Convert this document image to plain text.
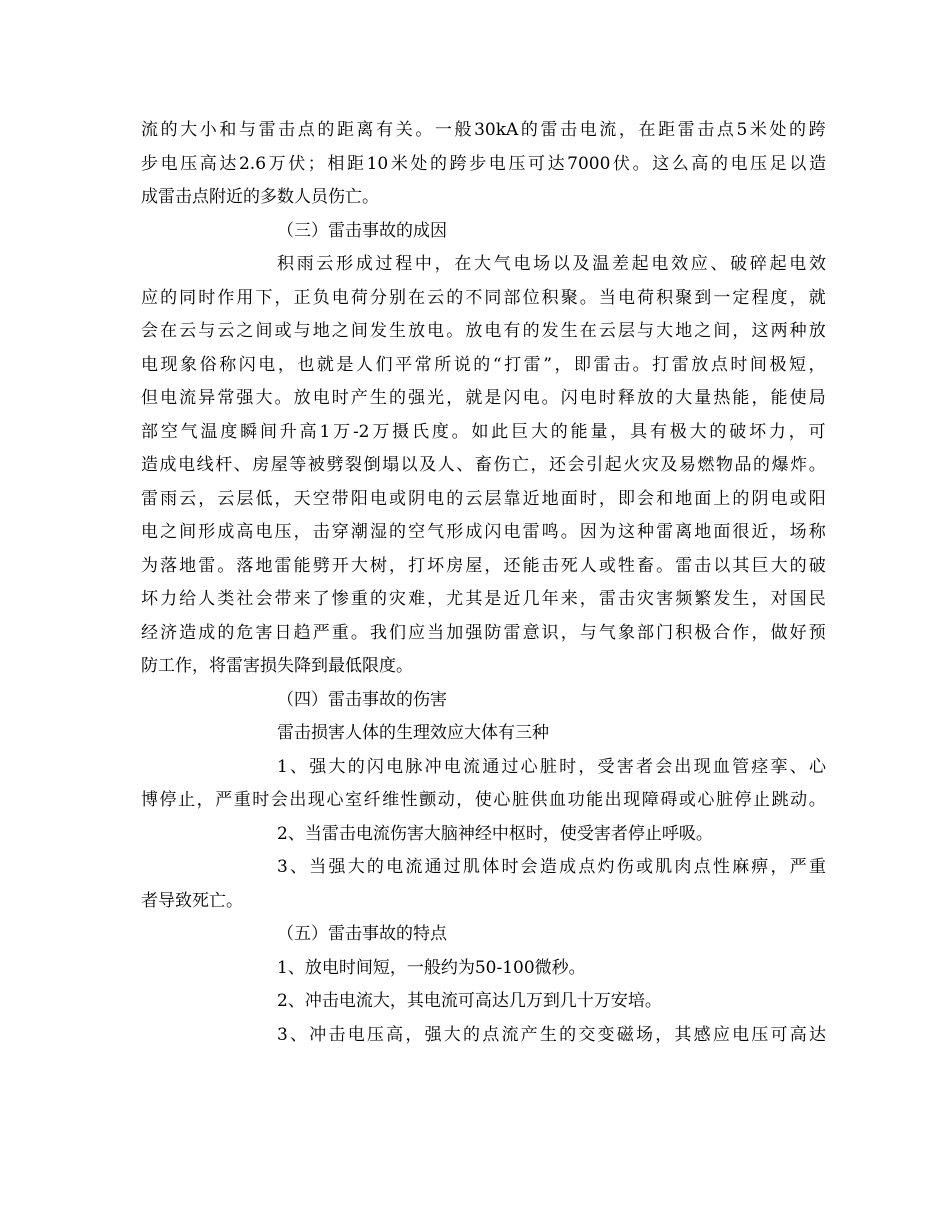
流 的 大 小 和 与 雷 击 点 的 距 离 有 关 。 一 般 30kA 的 雷 击 电 流 ， 在 距 雷 击 点 5 米 处 的 跨
步 电 压 高 达 2.6 万 伏 ； 相 距 10 米 处 的 跨 步 电 压 可 达 7000 伏 。 这 么 高 的 电 压 足 以 造
成雷击点附近的多数人员伤亡。
（三）雷击事故的成因
积 雨 云 形 成 过 程 中 ， 在 大 气 电 场 以 及 温 差 起 电 效 应 、 破 碎 起 电 效
应 的 同 时 作 用 下 ， 正 负 电 荷 分 别 在 云 的 不 同 部 位 积 聚 。 当 电 荷 积 聚 到 一 定 程 度 ， 就
会 在 云 与 云 之 间 或 与 地 之 间 发 生 放 电 。 放 电 有 的 发 生 在 云 层 与 大 地 之 间 ， 这 两 种 放
电 现 象 俗 称 闪 电 ， 也 就 是 人 们 平 常 所 说 的 “ 打 雷 ” ， 即 雷 击 。 打 雷 放 点 时 间 极 短 ，
但 电 流 异 常 强 大 。 放 电 时 产 生 的 强 光 ， 就 是 闪 电 。 闪 电 时 释 放 的 大 量 热 能 ， 能 使 局
部 空 气 温 度 瞬 间 升 高 1 万 -2 万 摄 氏 度 。 如 此 巨 大 的 能 量 ， 具 有 极 大 的 破 坏 力 ， 可
造 成 电 线 杆 、 房 屋 等 被 劈 裂 倒 塌 以 及 人 、 畜 伤 亡 ， 还 会 引 起 火 灾 及 易 燃 物 品 的 爆 炸 。
雷 雨 云 ， 云 层 低 ， 天 空 带 阳 电 或 阴 电 的 云 层 靠 近 地 面 时 ， 即 会 和 地 面 上 的 阴 电 或 阳
电 之 间 形 成 高 电 压 ， 击 穿 潮 湿 的 空 气 形 成 闪 电 雷 鸣 。 因 为 这 种 雷 离 地 面 很 近 ， 场 称
为 落 地 雷 。 落 地 雷 能 劈 开 大 树 ， 打 坏 房 屋 ， 还 能 击 死 人 或 牲 畜 。 雷 击 以 其 巨 大 的 破
坏 力 给 人 类 社 会 带 来 了 惨 重 的 灾 难 ， 尤 其 是 近 几 年 来 ， 雷 击 灾 害 频 繁 发 生 ， 对 国 民
经 济 造 成 的 危 害 日 趋 严 重 。 我 们 应 当 加 强 防 雷 意 识 ， 与 气 象 部 门 积 极 合 作 ， 做 好 预
防工作，将雷害损失降到最低限度。
（四）雷击事故的伤害
雷击损害人体的生理效应大体有三种
1 、 强 大 的 闪 电 脉 冲 电 流 通 过 心 脏 时 ， 受 害 者 会 出 现 血 管 痉 挛 、 心
博 停 止 ， 严 重 时 会 出 现 心 室 纤 维 性 颤 动 ， 使 心 脏 供 血 功 能 出 现 障 碍 或 心 脏 停 止 跳 动 。
2、当雷击电流伤害大脑神经中枢时，使受害者停止呼吸。
3 、 当 强 大 的 电 流 通 过 肌 体 时 会 造 成 点 灼 伤 或 肌 肉 点 性 麻 痹 ， 严 重
者导致死亡。
（五）雷击事故的特点
1、放电时间短，一般约为50-100微秒。
2、冲击电流大，其电流可高达几万到几十万安培。
3 、 冲 击 电 压 高 ， 强 大 的 点 流 产 生 的 交 变 磁 场 ， 其 感 应 电 压 可 高 达
